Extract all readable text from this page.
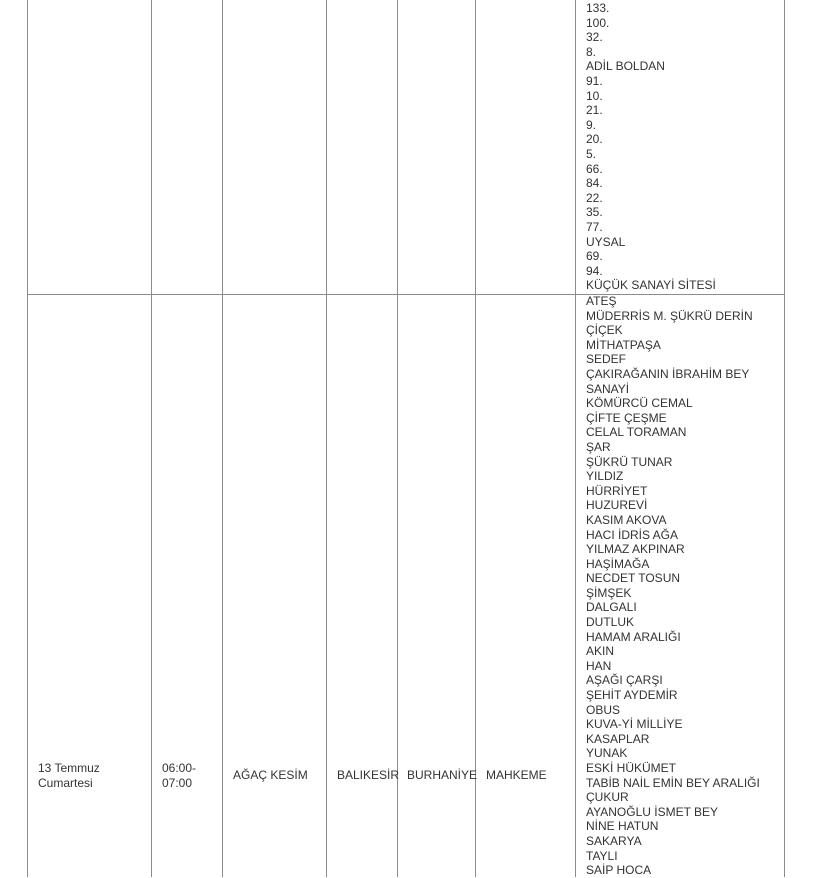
133.
100.
32.
8.
ADİL BOLDAN
91.
10.
21.
9.
20.
5.
66.
84.
22.
35.
77.
UYSAL
69.
94.
KÜÇÜK SANAYİ SİTESİ
13 Temmuz
Cumartesi
06:00-
07:00
AĞAÇ KESİM BALIKESİR BURHANİYE MAHKEME
ATEŞ
MÜDERRİS M. ŞÜKRÜ DERİN
ÇİÇEK
MİTHATPAŞA
SEDEF
ÇAKIRAĞANIN İBRAHİM BEY
SANAYİ
KÖMÜRCÜ CEMAL
ÇİFTE ÇEŞME
CELAL TORAMAN
ŞAR
ŞÜKRÜ TUNAR
YILDIZ
HÜRRİYET
HUZUREVİ
KASIM AKOVA
HACI İDRİS AĞA
YILMAZ AKPINAR
HAŞİMAĞA
NECDET TOSUN
ŞİMŞEK
DALGALI
DUTLUK
HAMAM ARALIĞI
AKIN
HAN
AŞAĞI ÇARŞI
ŞEHİT AYDEMİR
OBUS
KUVA-Yİ MİLLİYE
KASAPLAR
YUNAK
ESKİ HÜKÜMET
TABİB NAİL EMİN BEY ARALIĞI
ÇUKUR
AYANOĞLU İSMET BEY
NİNE HATUN
SAKARYA
TAYLI
SAİP HOCA
